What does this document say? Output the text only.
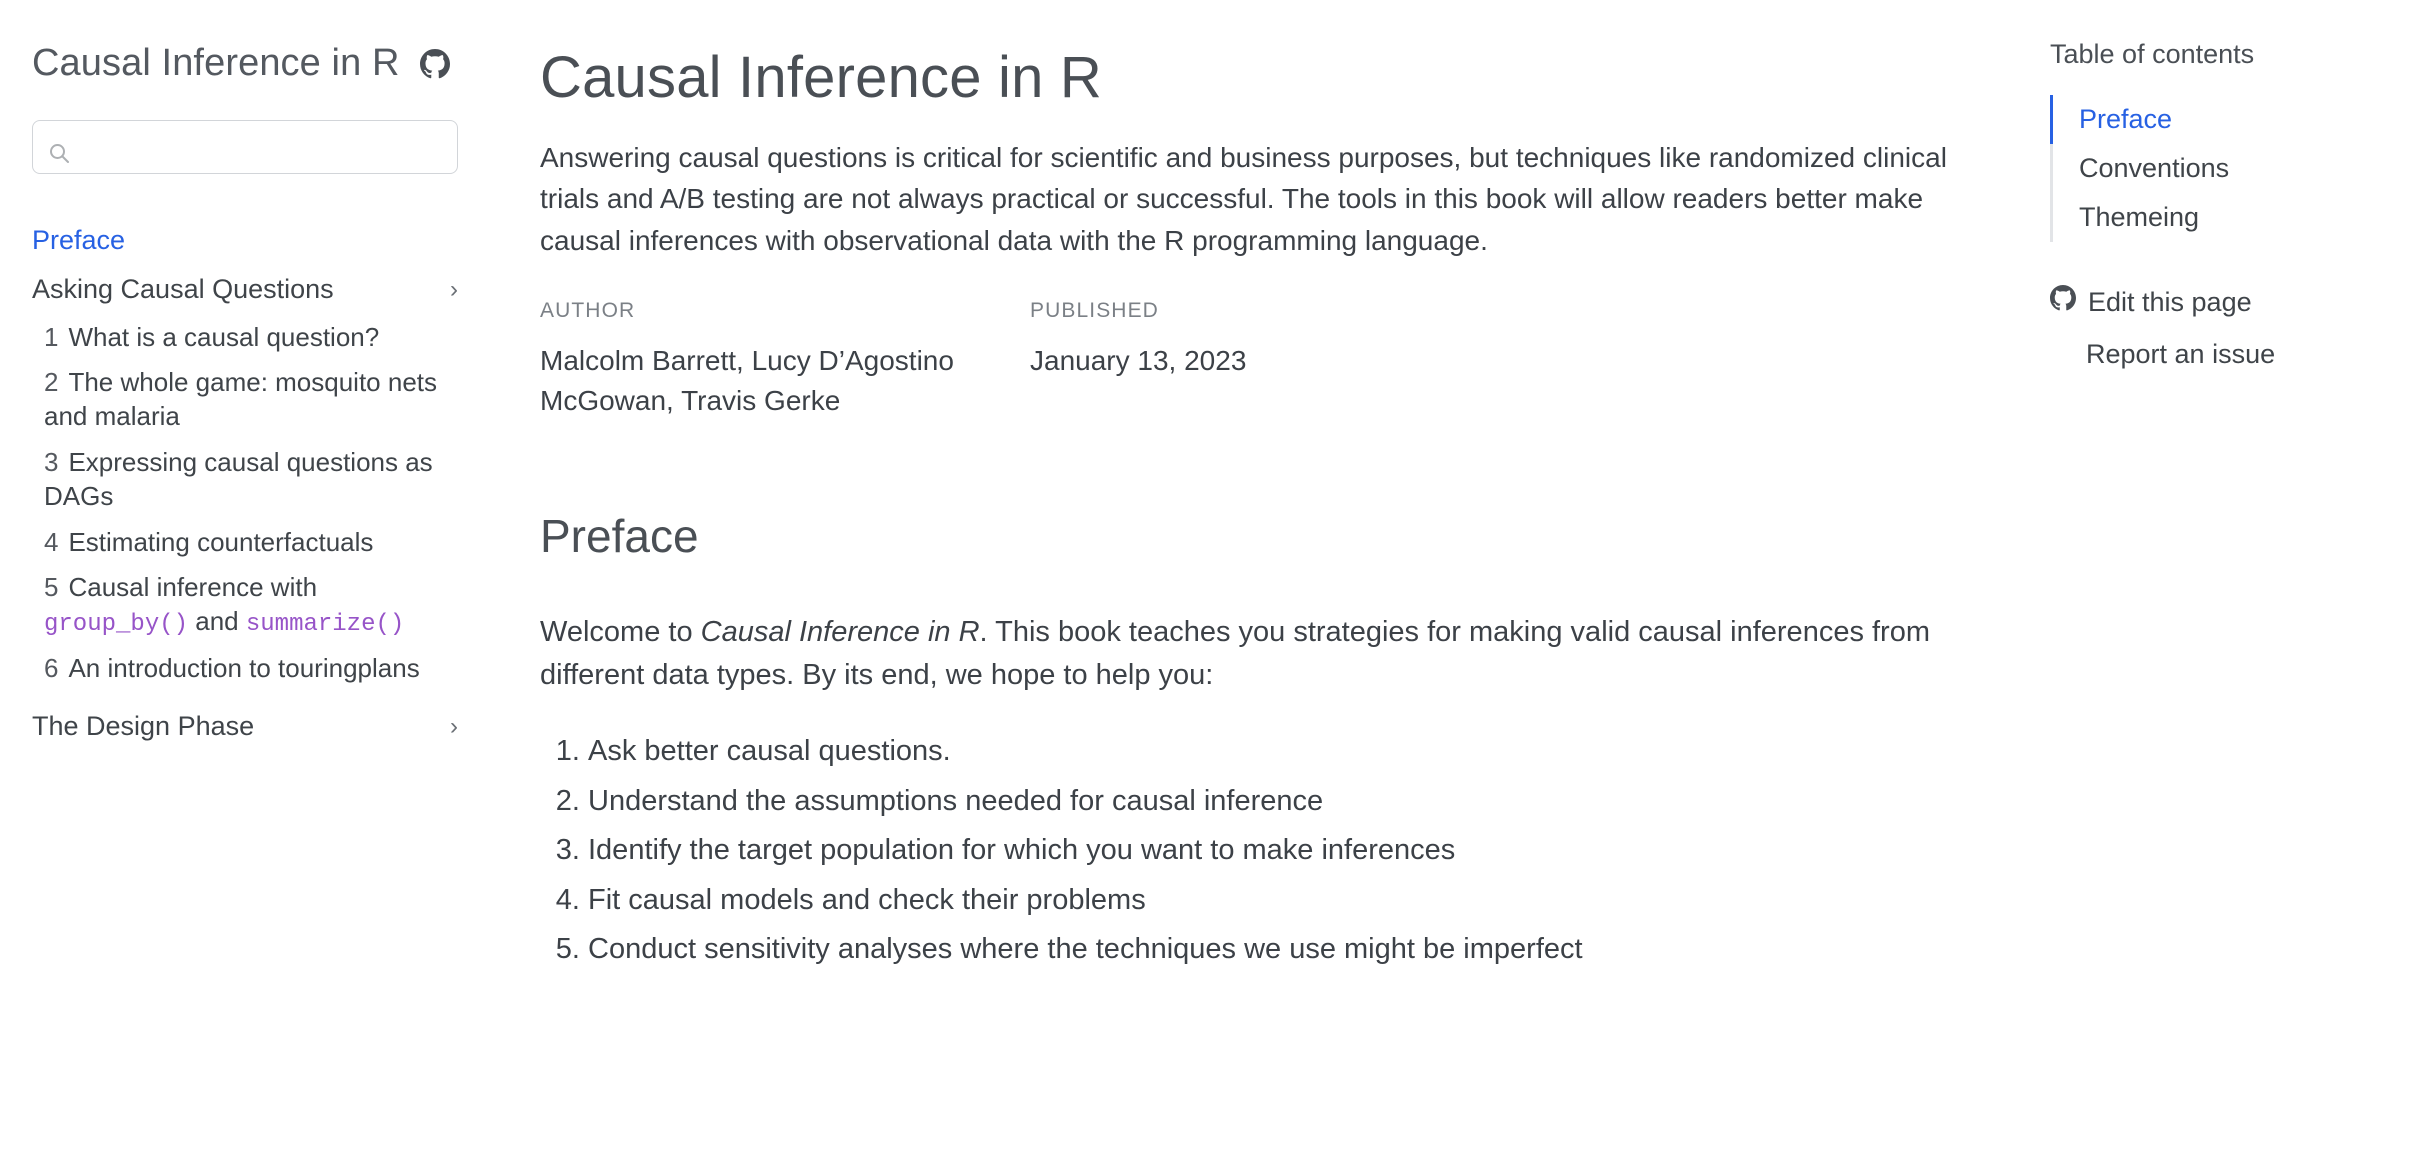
Causal Inference in R
Preface
Asking Causal Questions	›
1 What is a causal question?
2 The whole game: mosquito nets and malaria
3 Expressing causal questions as DAGs
4 Estimating counterfactuals
5 Causal inference with group_by() and summarize()
6 An introduction to touringplans
The Design Phase	›
Causal Inference in R

Answering causal questions is critical for scientific and business purposes, but techniques like randomized clinical trials and A/B testing are not always practical or successful. The tools in this book will allow readers better make causal inferences with observational data with the R programming language.

AUTHOR
Malcolm Barrett, Lucy D’Agostino McGowan, Travis Gerke
PUBLISHED
January 13, 2023
Preface

Welcome to Causal Inference in R. This book teaches you strategies for making valid causal inferences from different data types. By its end, we hope to help you:

1. Ask better causal questions.
2. Understand the assumptions needed for causal inference
3. Identify the target population for which you want to make inferences
4. Fit causal models and check their problems
5. Conduct sensitivity analyses where the techniques we use might be imperfect
Table of contents
Preface
Conventions
Themeing
Edit this page
Report an issue
